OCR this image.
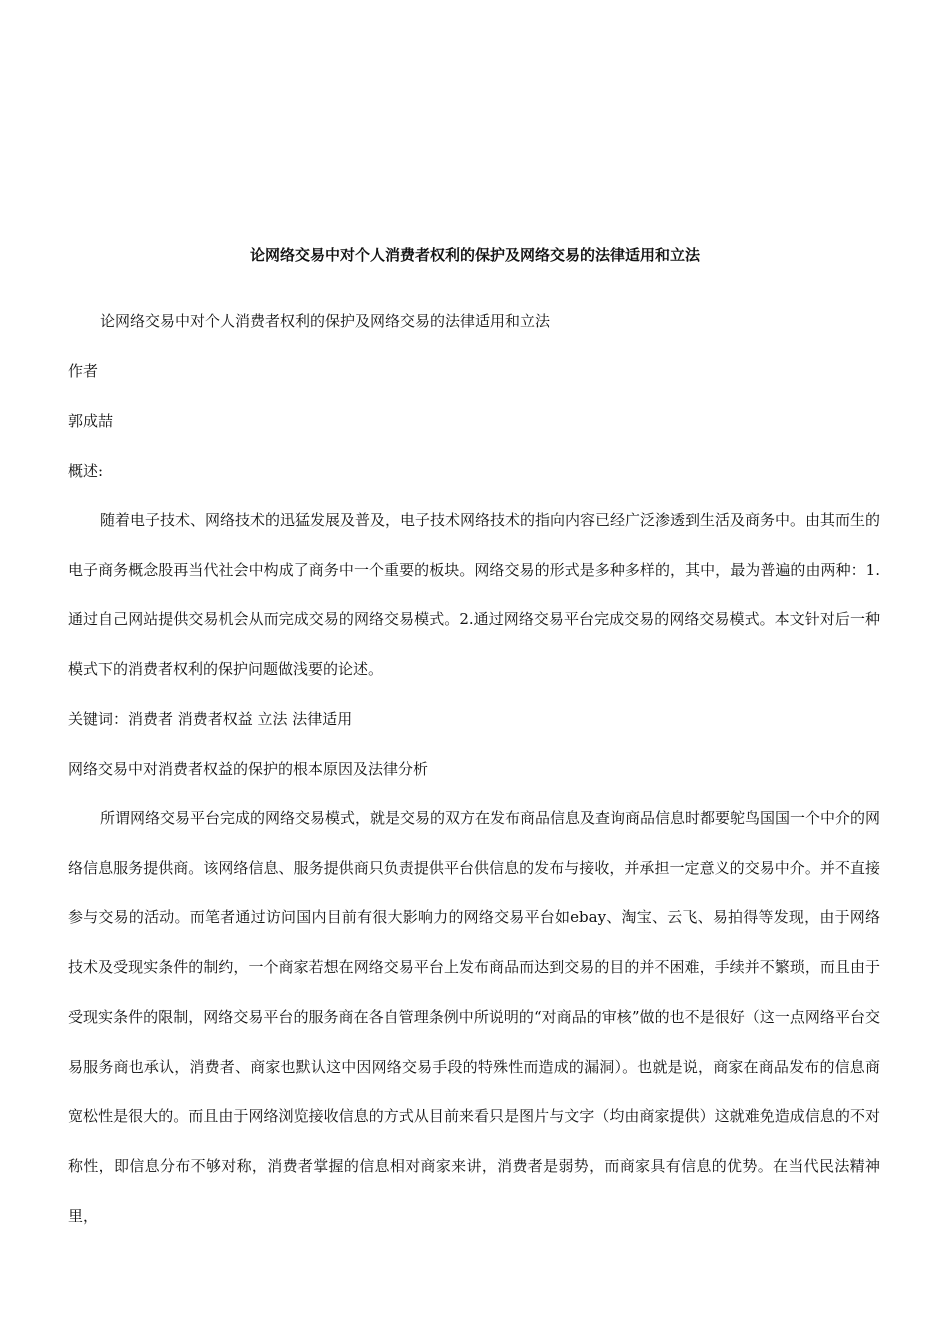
论网络交易中对个人消费者权利的保护及网络交易的法律适用和立法
论网络交易中对个人消费者权利的保护及网络交易的法律适用和立法
作者
郭成喆
概述:
随着电子技术、网络技术的迅猛发展及普及，电子技术网络技术的指向内容已经广泛渗透到生活及商务中。由其而生的电子商务概念股再当代社会中构成了商务中一个重要的板块。网络交易的形式是多种多样的，其中，最为普遍的由两种：1.通过自己网站提供交易机会从而完成交易的网络交易模式。2.通过网络交易平台完成交易的网络交易模式。本文针对后一种模式下的消费者权利的保护问题做浅要的论述。
关键词：消费者 消费者权益 立法 法律适用
网络交易中对消费者权益的保护的根本原因及法律分析
所谓网络交易平台完成的网络交易模式，就是交易的双方在发布商品信息及查询商品信息时都要鸵鸟国国一个中介的网络信息服务提供商。该网络信息、服务提供商只负责提供平台供信息的发布与接收，并承担一定意义的交易中介。并不直接参与交易的活动。而笔者通过访问国内目前有很大影响力的网络交易平台如ebay、淘宝、云飞、易拍得等发现，由于网络技术及受现实条件的制约，一个商家若想在网络交易平台上发布商品而达到交易的目的并不困难，手续并不繁琐，而且由于受现实条件的限制，网络交易平台的服务商在各自管理条例中所说明的“对商品的审核”做的也不是很好（这一点网络平台交易服务商也承认，消费者、商家也默认这中因网络交易手段的特殊性而造成的漏洞）。也就是说，商家在商品发布的信息商宽松性是很大的。而且由于网络浏览接收信息的方式从目前来看只是图片与文字（均由商家提供）这就难免造成信息的不对称性，即信息分布不够对称，消费者掌握的信息相对商家来讲，消费者是弱势，而商家具有信息的优势。在当代民法精神里，
